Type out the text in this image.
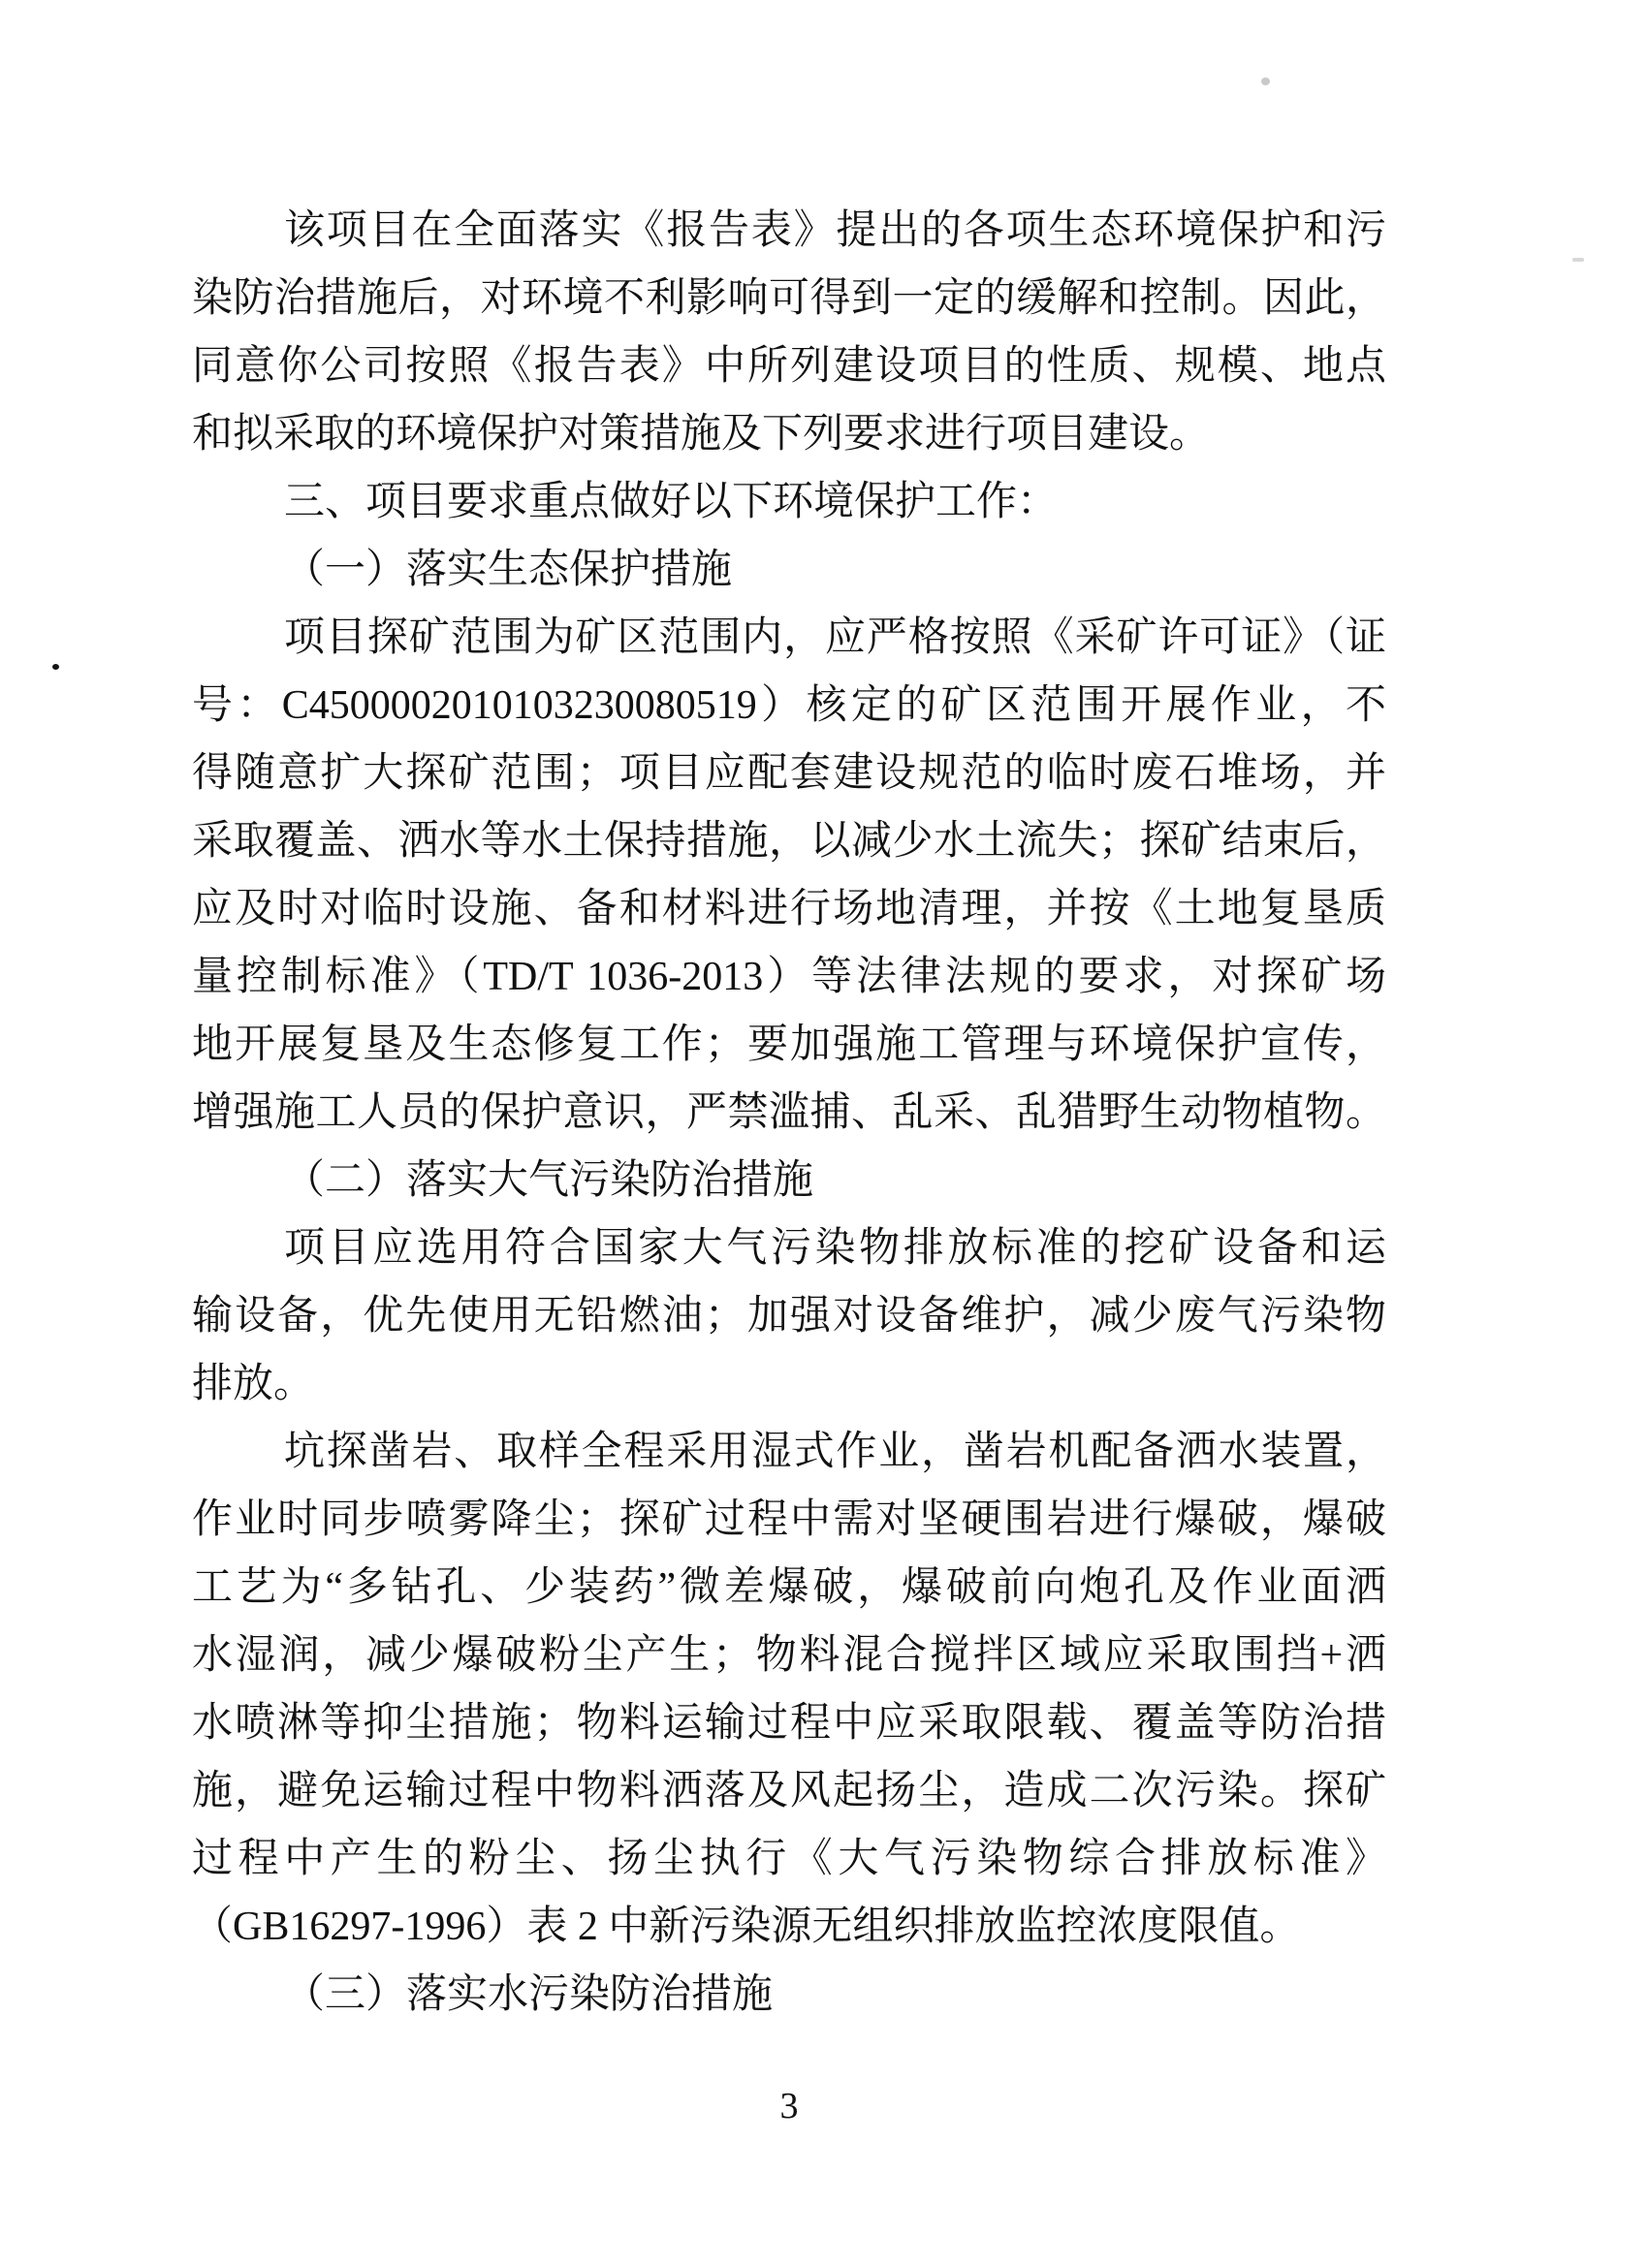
该项目在全面落实《报告表》提出的各项生态环境保护和污
染防治措施后，对环境不利影响可得到一定的缓解和控制。因此，
同意你公司按照《报告表》中所列建设项目的性质、规模、地点
和拟采取的环境保护对策措施及下列要求进行项目建设。
三、项目要求重点做好以下环境保护工作：
（一）落实生态保护措施
项目探矿范围为矿区范围内，应严格按照《采矿许可证》（证
号：C4500002010103230080519）核定的矿区范围开展作业，不
得随意扩大探矿范围；项目应配套建设规范的临时废石堆场，并
采取覆盖、洒水等水土保持措施，以减少水土流失；探矿结束后，
应及时对临时设施、备和材料进行场地清理，并按《土地复垦质
量控制标准》（TD/T 1036-2013）等法律法规的要求，对探矿场
地开展复垦及生态修复工作；要加强施工管理与环境保护宣传，
增强施工人员的保护意识，严禁滥捕、乱采、乱猎野生动物植物。
（二）落实大气污染防治措施
项目应选用符合国家大气污染物排放标准的挖矿设备和运
输设备，优先使用无铅燃油；加强对设备维护，减少废气污染物
排放。
坑探凿岩、取样全程采用湿式作业，凿岩机配备洒水装置，
作业时同步喷雾降尘；探矿过程中需对坚硬围岩进行爆破，爆破
工艺为“多钻孔、少装药”微差爆破，爆破前向炮孔及作业面洒
水湿润，减少爆破粉尘产生；物料混合搅拌区域应采取围挡+洒
水喷淋等抑尘措施；物料运输过程中应采取限载、覆盖等防治措
施，避免运输过程中物料洒落及风起扬尘，造成二次污染。探矿
过程中产生的粉尘、扬尘执行《大气污染物综合排放标准》
（GB16297-1996）表 2 中新污染源无组织排放监控浓度限值。
（三）落实水污染防治措施
3
